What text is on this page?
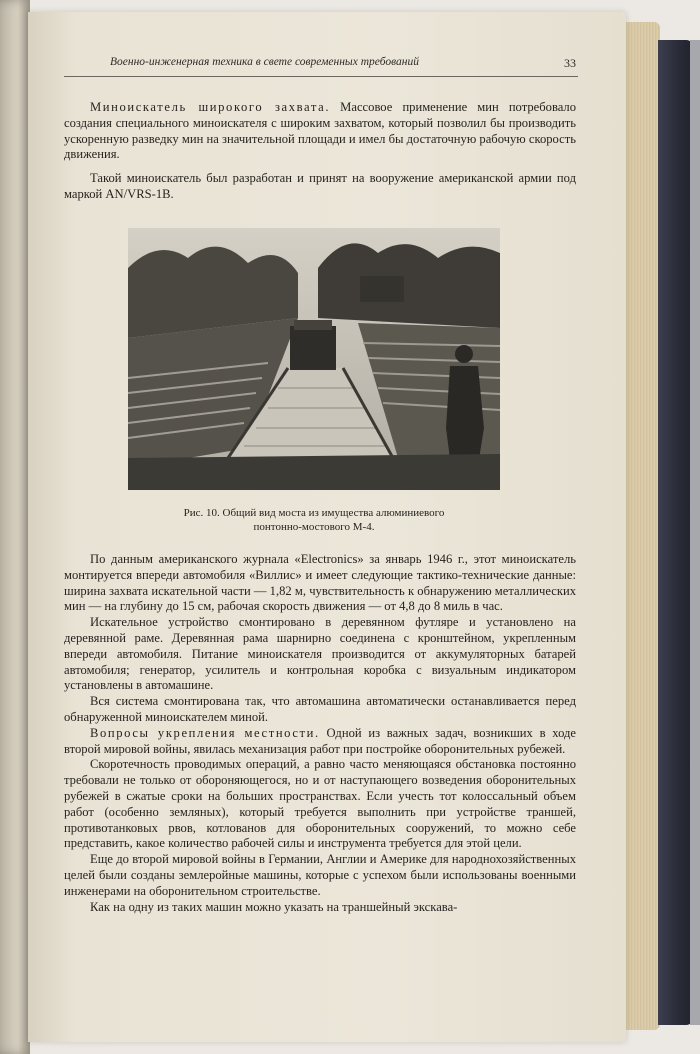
Военно-инженерная техника в свете современных требований	33

Миноискатель широкого захвата. Массовое применение мин потребовало создания специального миноискателя с широким захватом, который позволил бы производить ускоренную разведку мин на значительной площади и имел бы достаточную рабочую скорость движения.

Такой миноискатель был разработан и принят на вооружение американской армии под маркой AN/VRS-1B.

Рис. 10. Общий вид моста из имущества алюминиевого
понтонно-мостового М-4.

По данным американского журнала «Electronics» за январь 1946 г., этот миноискатель монтируется впереди автомобиля «Виллис» и имеет следующие тактико-технические данные: ширина захвата искательной части — 1,82 м, чувствительность к обнаружению металлических мин — на глубину до 15 см, рабочая скорость движения — от 4,8 до 8 миль в час.

Искательное устройство смонтировано в деревянном футляре и установлено на деревянной раме. Деревянная рама шарнирно соединена с кронштейном, укрепленным впереди автомобиля. Питание миноискателя производится от аккумуляторных батарей автомобиля; генератор, усилитель и контрольная коробка с визуальным индикатором установлены в автомашине.

Вся система смонтирована так, что автомашина автоматически останавливается перед обнаруженной миноискателем миной.

Вопросы укрепления местности. Одной из важных задач, возникших в ходе второй мировой войны, явилась механизация работ при постройке оборонительных рубежей.

Скоротечность проводимых операций, а равно часто меняющаяся обстановка постоянно требовали не только от обороняющегося, но и от наступающего возведения оборонительных рубежей в сжатые сроки на больших пространствах. Если учесть тот колоссальный объем работ (особенно земляных), который требуется выполнить при устройстве траншей, противотанковых рвов, котлованов для оборонительных сооружений, то можно себе представить, какое количество рабочей силы и инструмента требуется для этой цели.

Еще до второй мировой войны в Германии, Англии и Америке для народнохозяйственных целей были созданы землеройные машины, которые с успехом были использованы военными инженерами на оборонительном строительстве.

Как на одну из таких машин можно указать на траншейный экскава-
